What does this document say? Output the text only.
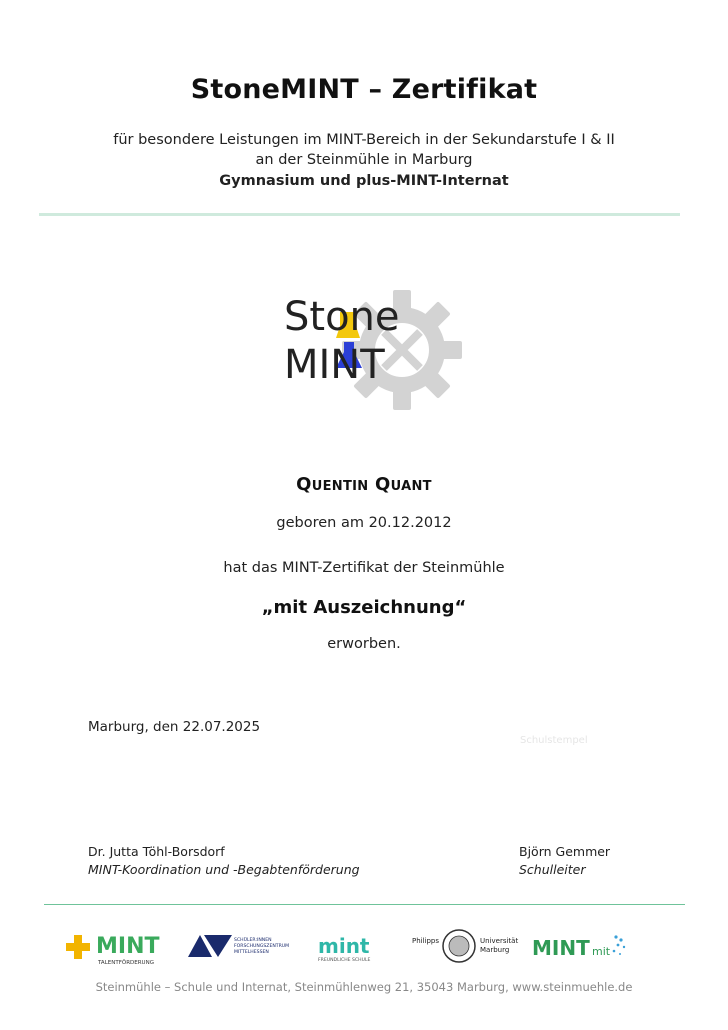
StoneMINT – Zertifikat
für besondere Leistungen im MINT-Bereich in der Sekundarstufe I & II
an der Steinmühle in Marburg
Gymnasium und plus-MINT-Internat
Stone
MINT
Quentin Quant
geboren am 20.12.2012
hat das MINT-Zertifikat der Steinmühle
„mit Auszeichnung“
erworben.
Marburg, den 22.07.2025
Schulstempel
Dr. Jutta Töhl-Borsdorf
MINT-Koordination und -Begabtenförderung
Björn Gemmer
Schulleiter
MINT
TALENTFÖRDERUNG
SCHÜLER:INNEN
FORSCHUNGSZENTRUM
MITTELHESSEN mint
FREUNDLICHE SCHULE
Philipps	Universität
Marburg MINT mit
Steinmühle – Schule und Internat, Steinmühlenweg 21, 35043 Marburg, www.steinmuehle.de
